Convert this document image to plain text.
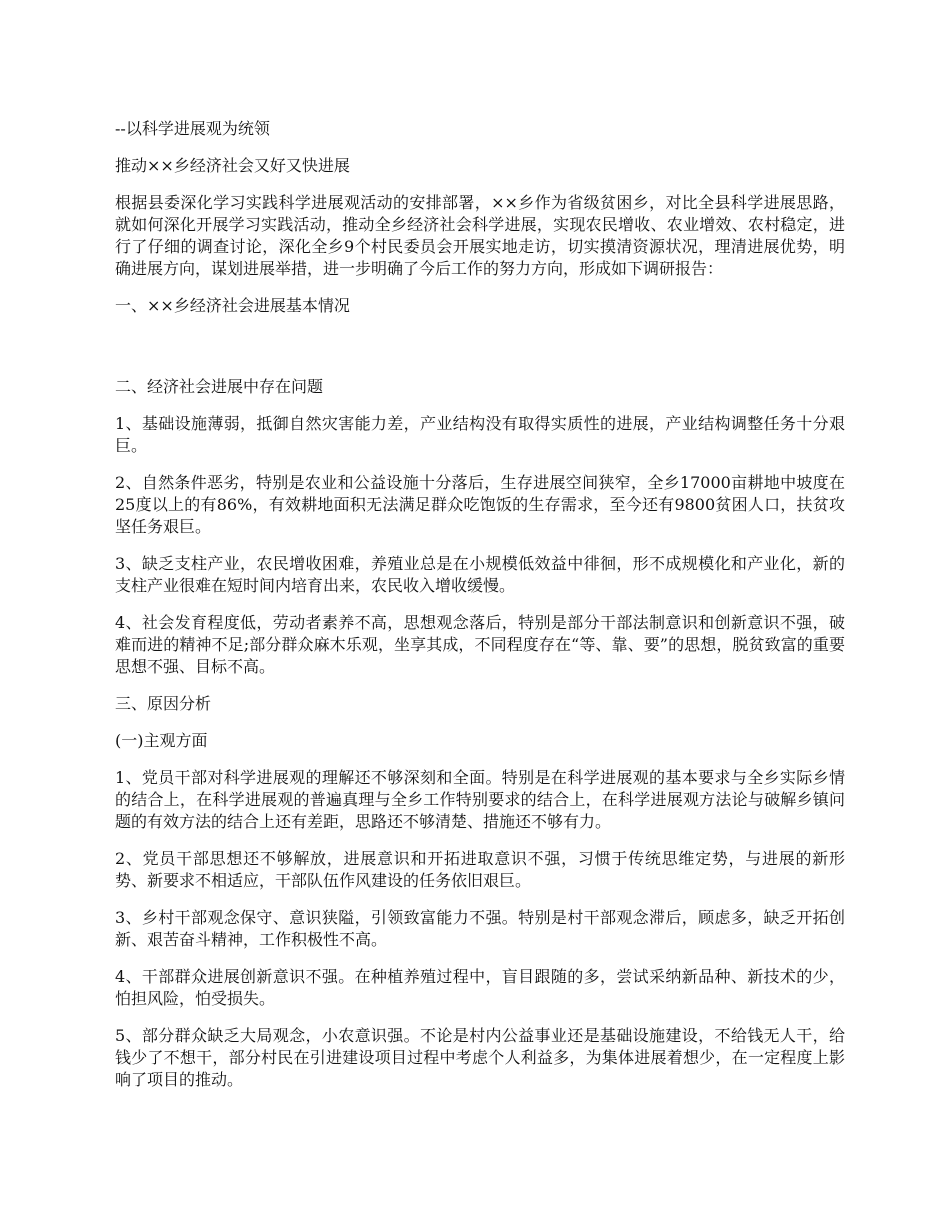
--以科学进展观为统领

推动××乡经济社会又好又快进展

根据县委深化学习实践科学进展观活动的安排部署，××乡作为省级贫困乡，对比全县科学进展思路，就如何深化开展学习实践活动，推动全乡经济社会科学进展，实现农民增收、农业增效、农村稳定，进行了仔细的调查讨论，深化全乡9个村民委员会开展实地走访，切实摸清资源状况，理清进展优势，明确进展方向，谋划进展举措，进一步明确了今后工作的努力方向，形成如下调研报告：

一、××乡经济社会进展基本情况

二、经济社会进展中存在问题

1、基础设施薄弱，抵御自然灾害能力差，产业结构没有取得实质性的进展，产业结构调整任务十分艰巨。

2、自然条件恶劣，特别是农业和公益设施十分落后，生存进展空间狭窄，全乡17000亩耕地中坡度在25度以上的有86%，有效耕地面积无法满足群众吃饱饭的生存需求，至今还有9800贫困人口，扶贫攻坚任务艰巨。

3、缺乏支柱产业，农民增收困难，养殖业总是在小规模低效益中徘徊，形不成规模化和产业化，新的支柱产业很难在短时间内培育出来，农民收入增收缓慢。

4、社会发育程度低，劳动者素养不高，思想观念落后，特别是部分干部法制意识和创新意识不强，破难而进的精神不足;部分群众麻木乐观，坐享其成，不同程度存在“等、靠、要”的思想，脱贫致富的重要思想不强、目标不高。

三、原因分析

(一)主观方面

1、党员干部对科学进展观的理解还不够深刻和全面。特别是在科学进展观的基本要求与全乡实际乡情的结合上，在科学进展观的普遍真理与全乡工作特别要求的结合上，在科学进展观方法论与破解乡镇问题的有效方法的结合上还有差距，思路还不够清楚、措施还不够有力。

2、党员干部思想还不够解放，进展意识和开拓进取意识不强，习惯于传统思维定势，与进展的新形势、新要求不相适应，干部队伍作风建设的任务依旧艰巨。

3、乡村干部观念保守、意识狭隘，引领致富能力不强。特别是村干部观念滞后，顾虑多，缺乏开拓创新、艰苦奋斗精神，工作积极性不高。

4、干部群众进展创新意识不强。在种植养殖过程中，盲目跟随的多，尝试采纳新品种、新技术的少，怕担风险，怕受损失。

5、部分群众缺乏大局观念，小农意识强。不论是村内公益事业还是基础设施建设，不给钱无人干，给钱少了不想干，部分村民在引进建设项目过程中考虑个人利益多，为集体进展着想少，在一定程度上影响了项目的推动。
